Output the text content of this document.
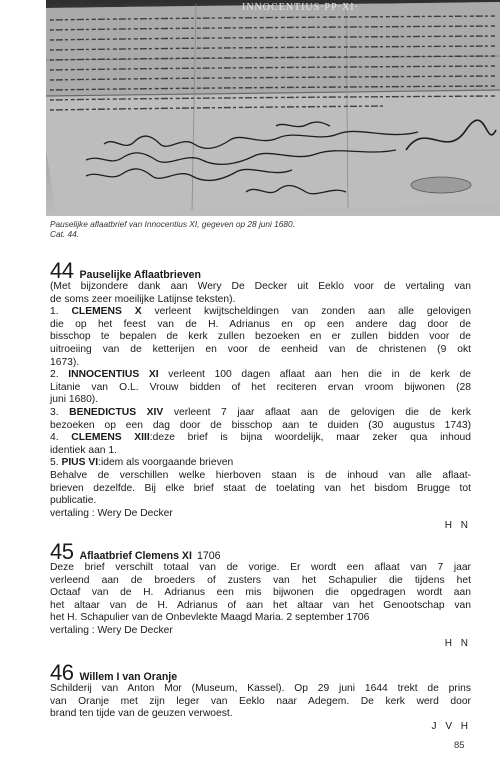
INNOCENTIUS·PP·XI·
Pauselijke aflaatbrief van Innocentius XI, gegeven op 28 juni 1680.
Cat. 44.
44 Pauselijke Aflaatbrieven
(Met bijzondere dank aan Wery De Decker uit Eeklo voor de vertaling van
de soms zeer moeilijke Latijnse teksten).
1. CLEMENS X verleent kwijtscheldingen van zonden aan alle gelovigen
die op het feest van de H. Adrianus en op een andere dag door de
bisschop te bepalen de kerk zullen bezoeken en er zullen bidden voor de
uitroeiing van de ketterijen en voor de eenheid van de christenen (9 okt
1673).
2. INNOCENTIUS XI verleent 100 dagen aflaat aan hen die in de kerk de
Litanie van O.L. Vrouw bidden of het reciteren ervan vroom bijwonen (28
juni 1680).
3. BENEDICTUS XIV verleent 7 jaar aflaat aan de gelovigen die de kerk
bezoeken op een dag door de bisschop aan te duiden (30 augustus 1743)
4. CLEMENS XIII:deze brief is bijna woordelijk, maar zeker qua inhoud
identiek aan 1.
5. PIUS VI:idem als voorgaande brieven
Behalve de verschillen welke hierboven staan is de inhoud van alle aflaat-
brieven dezelfde. Bij elke brief staat de toelating van het bisdom Brugge tot
publicatie.
vertaling : Wery De Decker
H N
45 Aflaatbrief Clemens XI 1706
Deze brief verschilt totaal van de vorige. Er wordt een aflaat van 7 jaar
verleend aan de broeders of zusters van het Schapulier die tijdens het
Octaaf van de H. Adrianus een mis bijwonen die opgedragen wordt aan
het altaar van de H. Adrianus of aan het altaar van het Genootschap van
het H. Schapulier van de Onbevlekte Maagd Maria. 2 september 1706
vertaling : Wery De Decker
H N
46 Willem I van Oranje
Schilderij van Anton Mor (Museum, Kassel). Op 29 juni 1644 trekt de prins
van Oranje met zijn leger van Eeklo naar Adegem. De kerk werd door
brand ten tijde van de geuzen verwoest.
J V H
85
